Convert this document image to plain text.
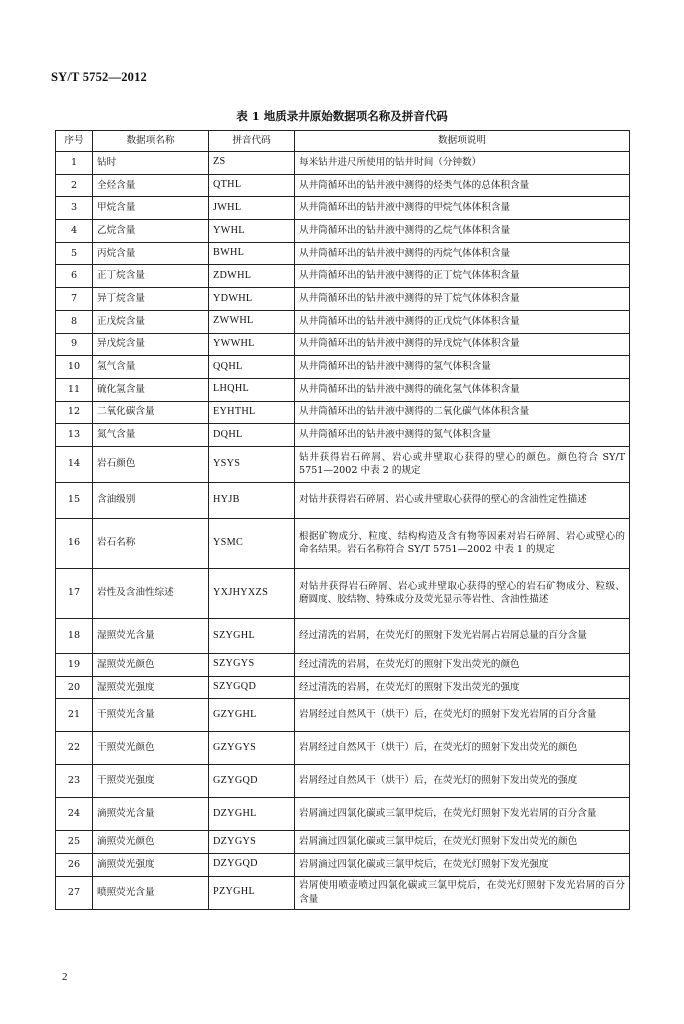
SY/T 5752—2012
表 1 地质录井原始数据项名称及拼音代码
序号	数据项名称	拼音代码	数据项说明
1	钻时	ZS	每米钻井进尺所使用的钻井时间（分钟数）
2	全烃含量	QTHL	从井筒循环出的钻井液中测得的烃类气体的总体积含量
3	甲烷含量	JWHL	从井筒循环出的钻井液中测得的甲烷气体体积含量
4	乙烷含量	YWHL	从井筒循环出的钻井液中测得的乙烷气体体积含量
5	丙烷含量	BWHL	从井筒循环出的钻井液中测得的丙烷气体体积含量
6	正丁烷含量	ZDWHL	从井筒循环出的钻井液中测得的正丁烷气体体积含量
7	异丁烷含量	YDWHL	从井筒循环出的钻井液中测得的异丁烷气体体积含量
8	正戊烷含量	ZWWHL	从井筒循环出的钻井液中测得的正戊烷气体体积含量
9	异戊烷含量	YWWHL	从井筒循环出的钻井液中测得的异戊烷气体体积含量
10	氢气含量	QQHL	从井筒循环出的钻井液中测得的氢气体积含量
11	硫化氢含量	LHQHL	从井筒循环出的钻井液中测得的硫化氢气体体积含量
12	二氧化碳含量	EYHTHL	从井筒循环出的钻井液中测得的二氧化碳气体体积含量
13	氮气含量	DQHL	从井筒循环出的钻井液中测得的氮气体积含量
14	岩石颜色	YSYS	钻井获得岩石碎屑、岩心或井壁取心获得的壁心的颜色。颜色符合 SY/T 5751—2002 中表 2 的规定
15	含油级别	HYJB	对钻井获得岩石碎屑、岩心或井壁取心获得的壁心的含油性定性描述
16	岩石名称	YSMC	根据矿物成分、粒度、结构构造及含有物等因素对岩石碎屑、岩心或壁心的命名结果。岩石名称符合 SY/T 5751—2002 中表 1 的规定
17	岩性及含油性综述	YXJHYXZS	对钻井获得岩石碎屑、岩心或井壁取心获得的壁心的岩石矿物成分、粒级、磨圆度、胶结物、特殊成分及荧光显示等岩性、含油性描述
18	湿照荧光含量	SZYGHL	经过清洗的岩屑，在荧光灯的照射下发光岩屑占岩屑总量的百分含量
19	湿照荧光颜色	SZYGYS	经过清洗的岩屑，在荧光灯的照射下发出荧光的颜色
20	湿照荧光强度	SZYGQD	经过清洗的岩屑，在荧光灯的照射下发出荧光的强度
21	干照荧光含量	GZYGHL	岩屑经过自然风干（烘干）后，在荧光灯的照射下发光岩屑的百分含量
22	干照荧光颜色	GZYGYS	岩屑经过自然风干（烘干）后，在荧光灯的照射下发出荧光的颜色
23	干照荧光强度	GZYGQD	岩屑经过自然风干（烘干）后，在荧光灯的照射下发出荧光的强度
24	滴照荧光含量	DZYGHL	岩屑滴过四氯化碳或三氯甲烷后，在荧光灯照射下发光岩屑的百分含量
25	滴照荧光颜色	DZYGYS	岩屑滴过四氯化碳或三氯甲烷后，在荧光灯照射下发出荧光的颜色
26	滴照荧光强度	DZYGQD	岩屑滴过四氯化碳或三氯甲烷后，在荧光灯照射下发光强度
27	喷照荧光含量	PZYGHL	岩屑使用喷壶喷过四氯化碳或三氯甲烷后，在荧光灯照射下发光岩屑的百分含量
2
